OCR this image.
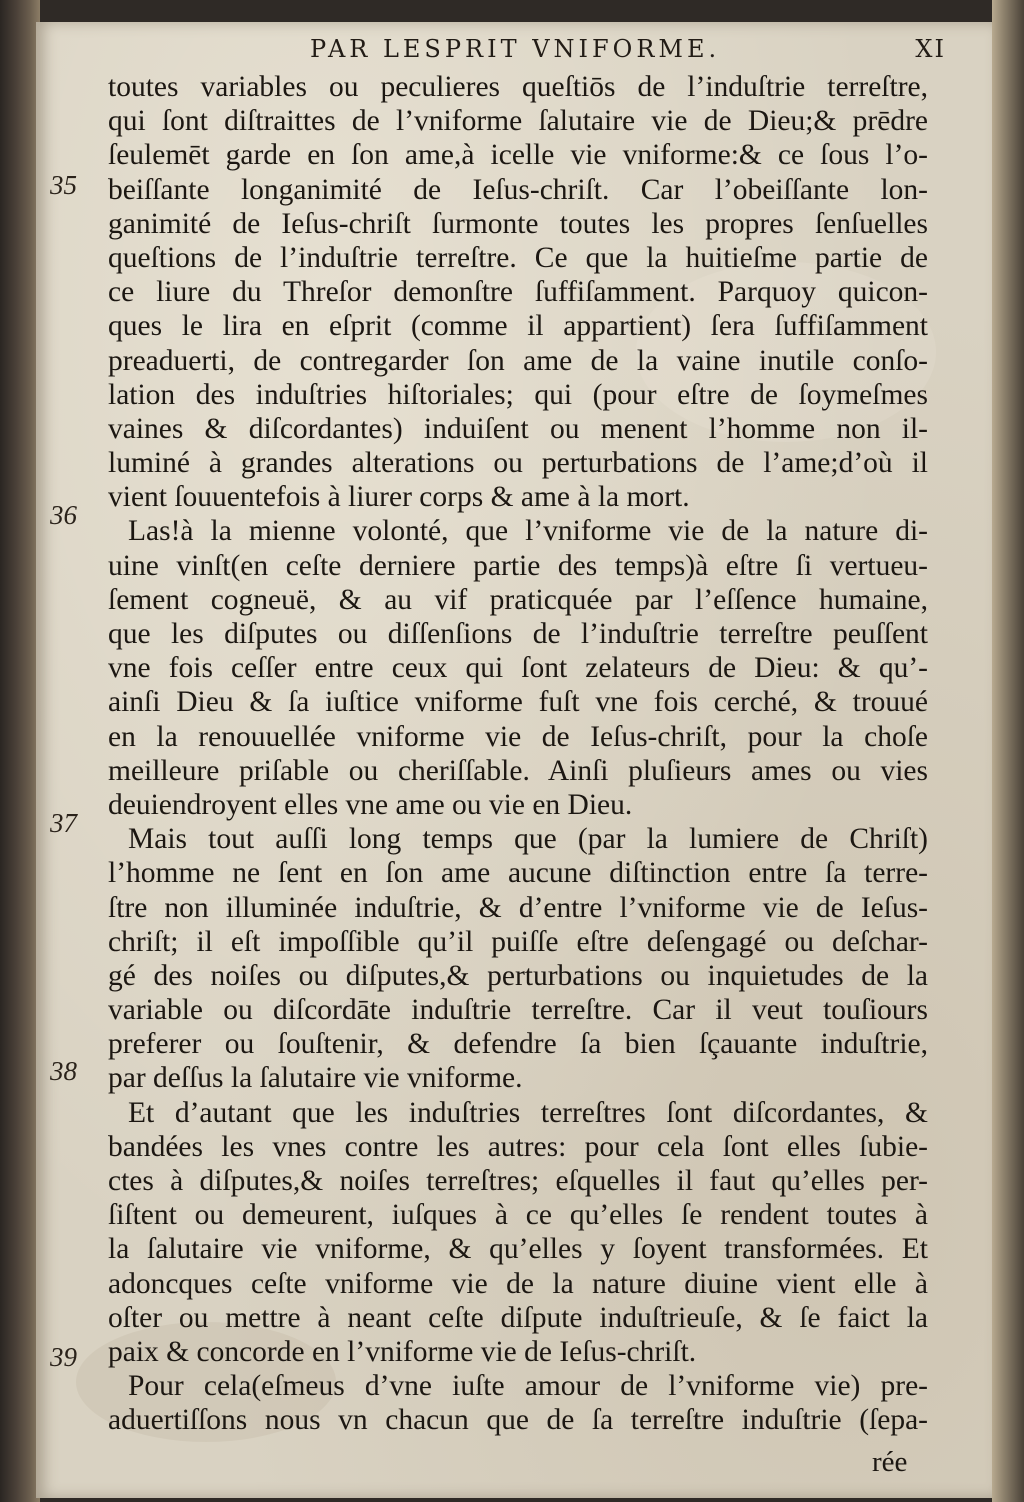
PAR LESPRIT VNIFORME.	XI
35
36
37
38
39
toutes variables ou peculieres queſtiōs de l’induſtrie terreſtre,
qui ſont diſtraittes de l’vniforme ſalutaire vie de Dieu;& prēdre
ſeulemēt garde en ſon ame,à icelle vie vniforme:& ce ſous l’o-
beiſſante longanimité de Ieſus-chriſt. Car l’obeiſſante lon-
ganimité de Ieſus-chriſt ſurmonte toutes les propres ſenſuelles
queſtions de l’induſtrie terreſtre. Ce que la huitieſme partie de
ce liure du Threſor demonſtre ſuffiſamment. Parquoy quicon-
ques le lira en eſprit (comme il appartient) ſera ſuffiſamment
preaduerti, de contregarder ſon ame de la vaine inutile conſo-
lation des induſtries hiſtoriales; qui (pour eſtre de ſoymeſmes
vaines & diſcordantes) induiſent ou menent l’homme non il-
luminé à grandes alterations ou perturbations de l’ame;d’où il
vient ſouuentefois à liurer corps & ame à la mort.
Las!à la mienne volonté, que l’vniforme vie de la nature di-
uine vinſt(en ceſte derniere partie des temps)à eſtre ſi vertueu-
ſement cogneuë, & au vif praticquée par l’eſſence humaine,
que les diſputes ou diſſenſions de l’induſtrie terreſtre peuſſent
vne fois ceſſer entre ceux qui ſont zelateurs de Dieu: & qu’-
ainſi Dieu & ſa iuſtice vniforme fuſt vne fois cerché, & trouué
en la renouuellée vniforme vie de Ieſus-chriſt, pour la choſe
meilleure priſable ou cheriſſable. Ainſi pluſieurs ames ou vies
deuiendroyent elles vne ame ou vie en Dieu.
Mais tout auſſi long temps que (par la lumiere de Chriſt)
l’homme ne ſent en ſon ame aucune diſtinction entre ſa terre-
ſtre non illuminée induſtrie, & d’entre l’vniforme vie de Ieſus-
chriſt; il eſt impoſſible qu’il puiſſe eſtre deſengagé ou deſchar-
gé des noiſes ou diſputes,& perturbations ou inquietudes de la
variable ou diſcordāte induſtrie terreſtre. Car il veut touſiours
preferer ou ſouſtenir, & defendre ſa bien ſçauante induſtrie,
par deſſus la ſalutaire vie vniforme.
Et d’autant que les induſtries terreſtres ſont diſcordantes, &
bandées les vnes contre les autres: pour cela ſont elles ſubie-
ctes à diſputes,& noiſes terreſtres; eſquelles il faut qu’elles per-
ſiſtent ou demeurent, iuſques à ce qu’elles ſe rendent toutes à
la ſalutaire vie vniforme, & qu’elles y ſoyent transformées. Et
adoncques ceſte vniforme vie de la nature diuine vient elle à
oſter ou mettre à neant ceſte diſpute induſtrieuſe, & ſe faict la
paix & concorde en l’vniforme vie de Ieſus-chriſt.
Pour cela(eſmeus d’vne iuſte amour de l’vniforme vie) pre-
aduertiſſons nous vn chacun que de ſa terreſtre induſtrie (ſepa-
rée
